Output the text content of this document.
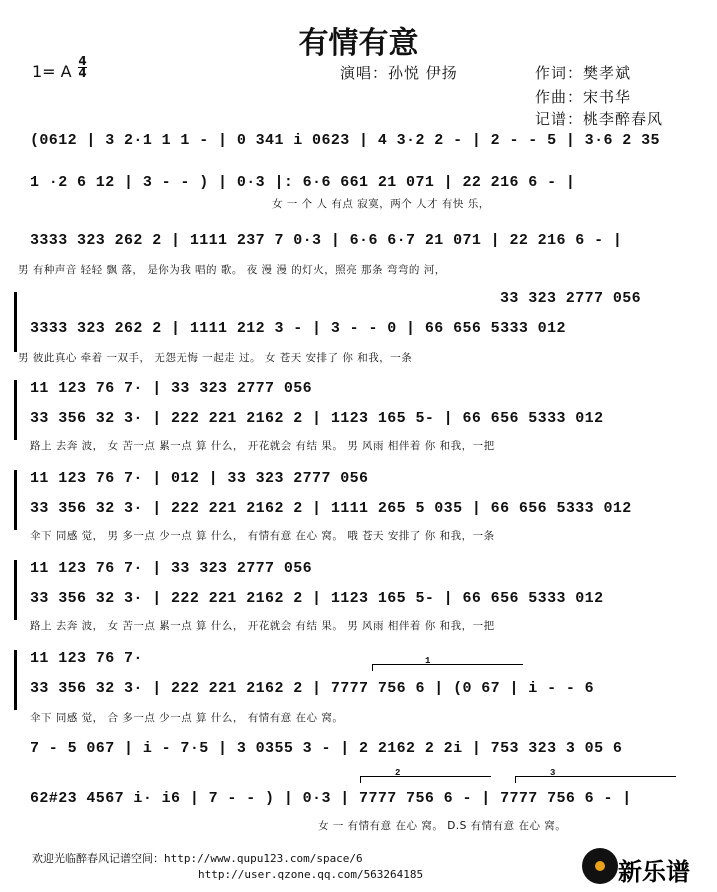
有情有意
1= A
4
4	演唱：孙悦 伊扬	作词：樊孝斌
作曲：宋书华
记谱：桃李醉春风
(0612 | 3 2·1 1 1 - | 0 341 i 0623 | 4 3·2 2 - | 2 - - 5 | 3·6 2 35
1 ·2 6 12 | 3 - - ) | 0·3 |: 6·6 661 21 071 | 22 216 6 - |
女 一 个 人 有点 寂寞，两个 人才 有快 乐，
3333 323 262 2 | 1111 237 7 0·3 | 6·6 6·7 21 071 | 22 216 6 - |
男 有种声音 轻轻 飘 落， 是你为我 唱的 歌。 夜 漫 漫 的灯火，照亮 那条 弯弯的 河，
33 323 2777 056
3333 323 262 2 | 1111 212 3 - | 3 - - 0 | 66 656 5333 012
男 彼此真心 牵着 一双手， 无怨无悔 一起走 过。 女 苍天 安排了 你 和我，一条
11 123 76 7· | 33 323 2777 056
33 356 32 3· | 222 221 2162 2 | 1123 165 5- | 66 656 5333 012
路上 去奔 波， 女 苦一点 累一点 算 什么， 开花就会 有结 果。 男 风雨 相伴着 你 和我，一把
11 123 76 7· | 012 | 33 323 2777 056
33 356 32 3· | 222 221 2162 2 | 1111 265 5 035 | 66 656 5333 012
伞下 同感 觉， 男 多一点 少一点 算 什么， 有情有意 在心 窝。 哦 苍天 安排了 你 和我，一条
11 123 76 7· | 33 323 2777 056
33 356 32 3· | 222 221 2162 2 | 1123 165 5- | 66 656 5333 012
路上 去奔 波， 女 苦一点 累一点 算 什么， 开花就会 有结 果。 男 风雨 相伴着 你 和我，一把
1
11 123 76 7·
33 356 32 3· | 222 221 2162 2 | 7777 756 6 | (0 67 | i - - 6
伞下 同感 觉， 合 多一点 少一点 算 什么， 有情有意 在心 窝。
7 - 5 067 | i - 7·5 | 3 0355 3 - | 2 2162 2 2i | 753 323 3 05 6
2	3
62#23 4567 i· i6 | 7 - - ) | 0·3 | 7777 756 6 - | 7777 756 6 - |
女 一 有情有意 在心 窝。 D.S 有情有意 在心 窝。
欢迎光临醉春风记谱空间：http://www.qupu123.com/space/6
http://user.qzone.qq.com/563264185	新乐谱
